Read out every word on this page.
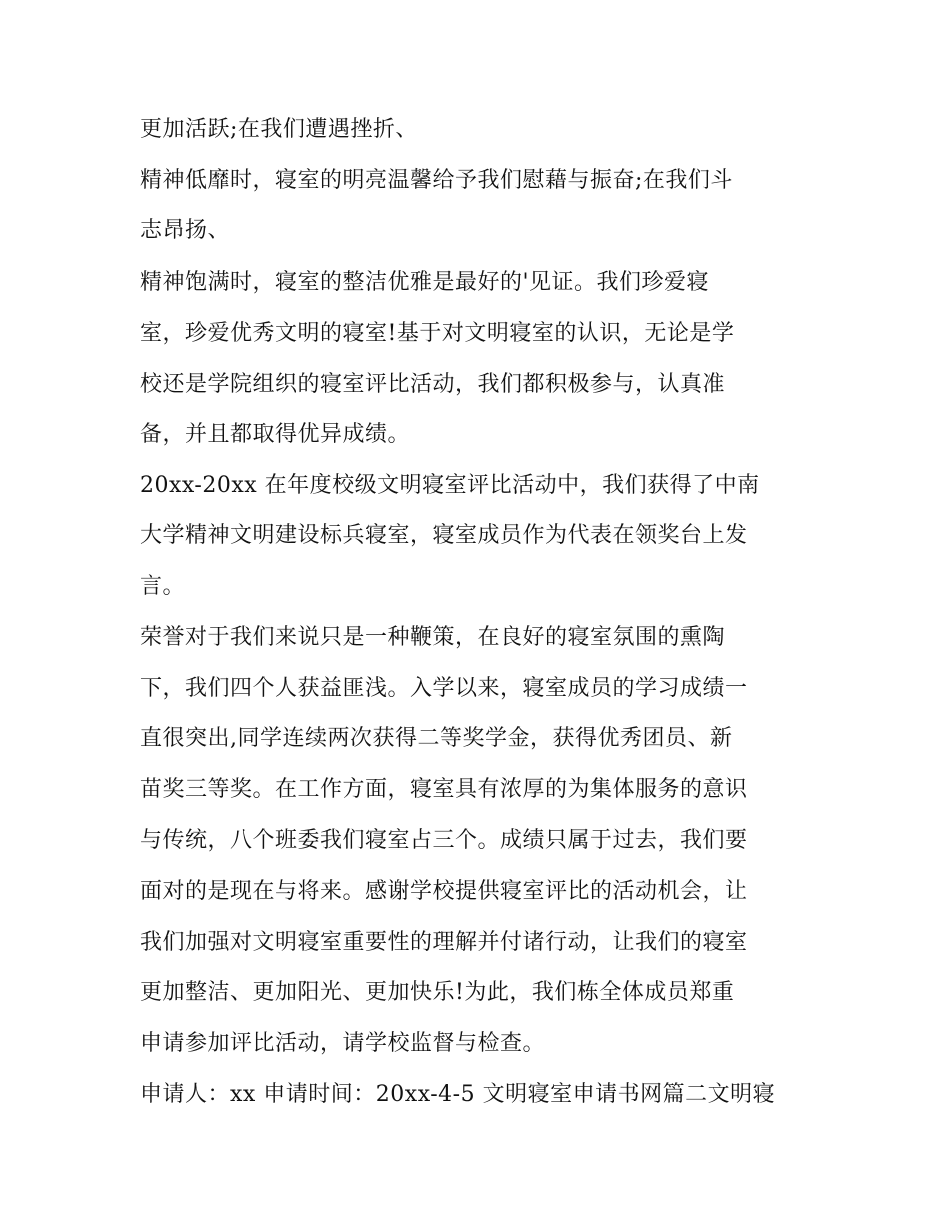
更加活跃;在我们遭遇挫折、

精神低靡时，寝室的明亮温馨给予我们慰藉与振奋;在我们斗

志昂扬、

精神饱满时，寝室的整洁优雅是最好的'见证。我们珍爱寝

室，珍爱优秀文明的寝室!基于对文明寝室的认识，无论是学

校还是学院组织的寝室评比活动，我们都积极参与，认真准

备，并且都取得优异成绩。

20xx-20xx 在年度校级文明寝室评比活动中，我们获得了中南

大学精神文明建设标兵寝室，寝室成员作为代表在领奖台上发

言。

荣誉对于我们来说只是一种鞭策，在良好的寝室氛围的熏陶

下，我们四个人获益匪浅。入学以来，寝室成员的学习成绩一

直很突出,同学连续两次获得二等奖学金，获得优秀团员、新

苗奖三等奖。在工作方面，寝室具有浓厚的为集体服务的意识

与传统，八个班委我们寝室占三个。成绩只属于过去，我们要

面对的是现在与将来。感谢学校提供寝室评比的活动机会，让

我们加强对文明寝室重要性的理解并付诸行动，让我们的寝室

更加整洁、更加阳光、更加快乐!为此，我们栋全体成员郑重

申请参加评比活动，请学校监督与检查。

申请人：xx 申请时间：20xx-4-5 文明寝室申请书网篇二文明寝
